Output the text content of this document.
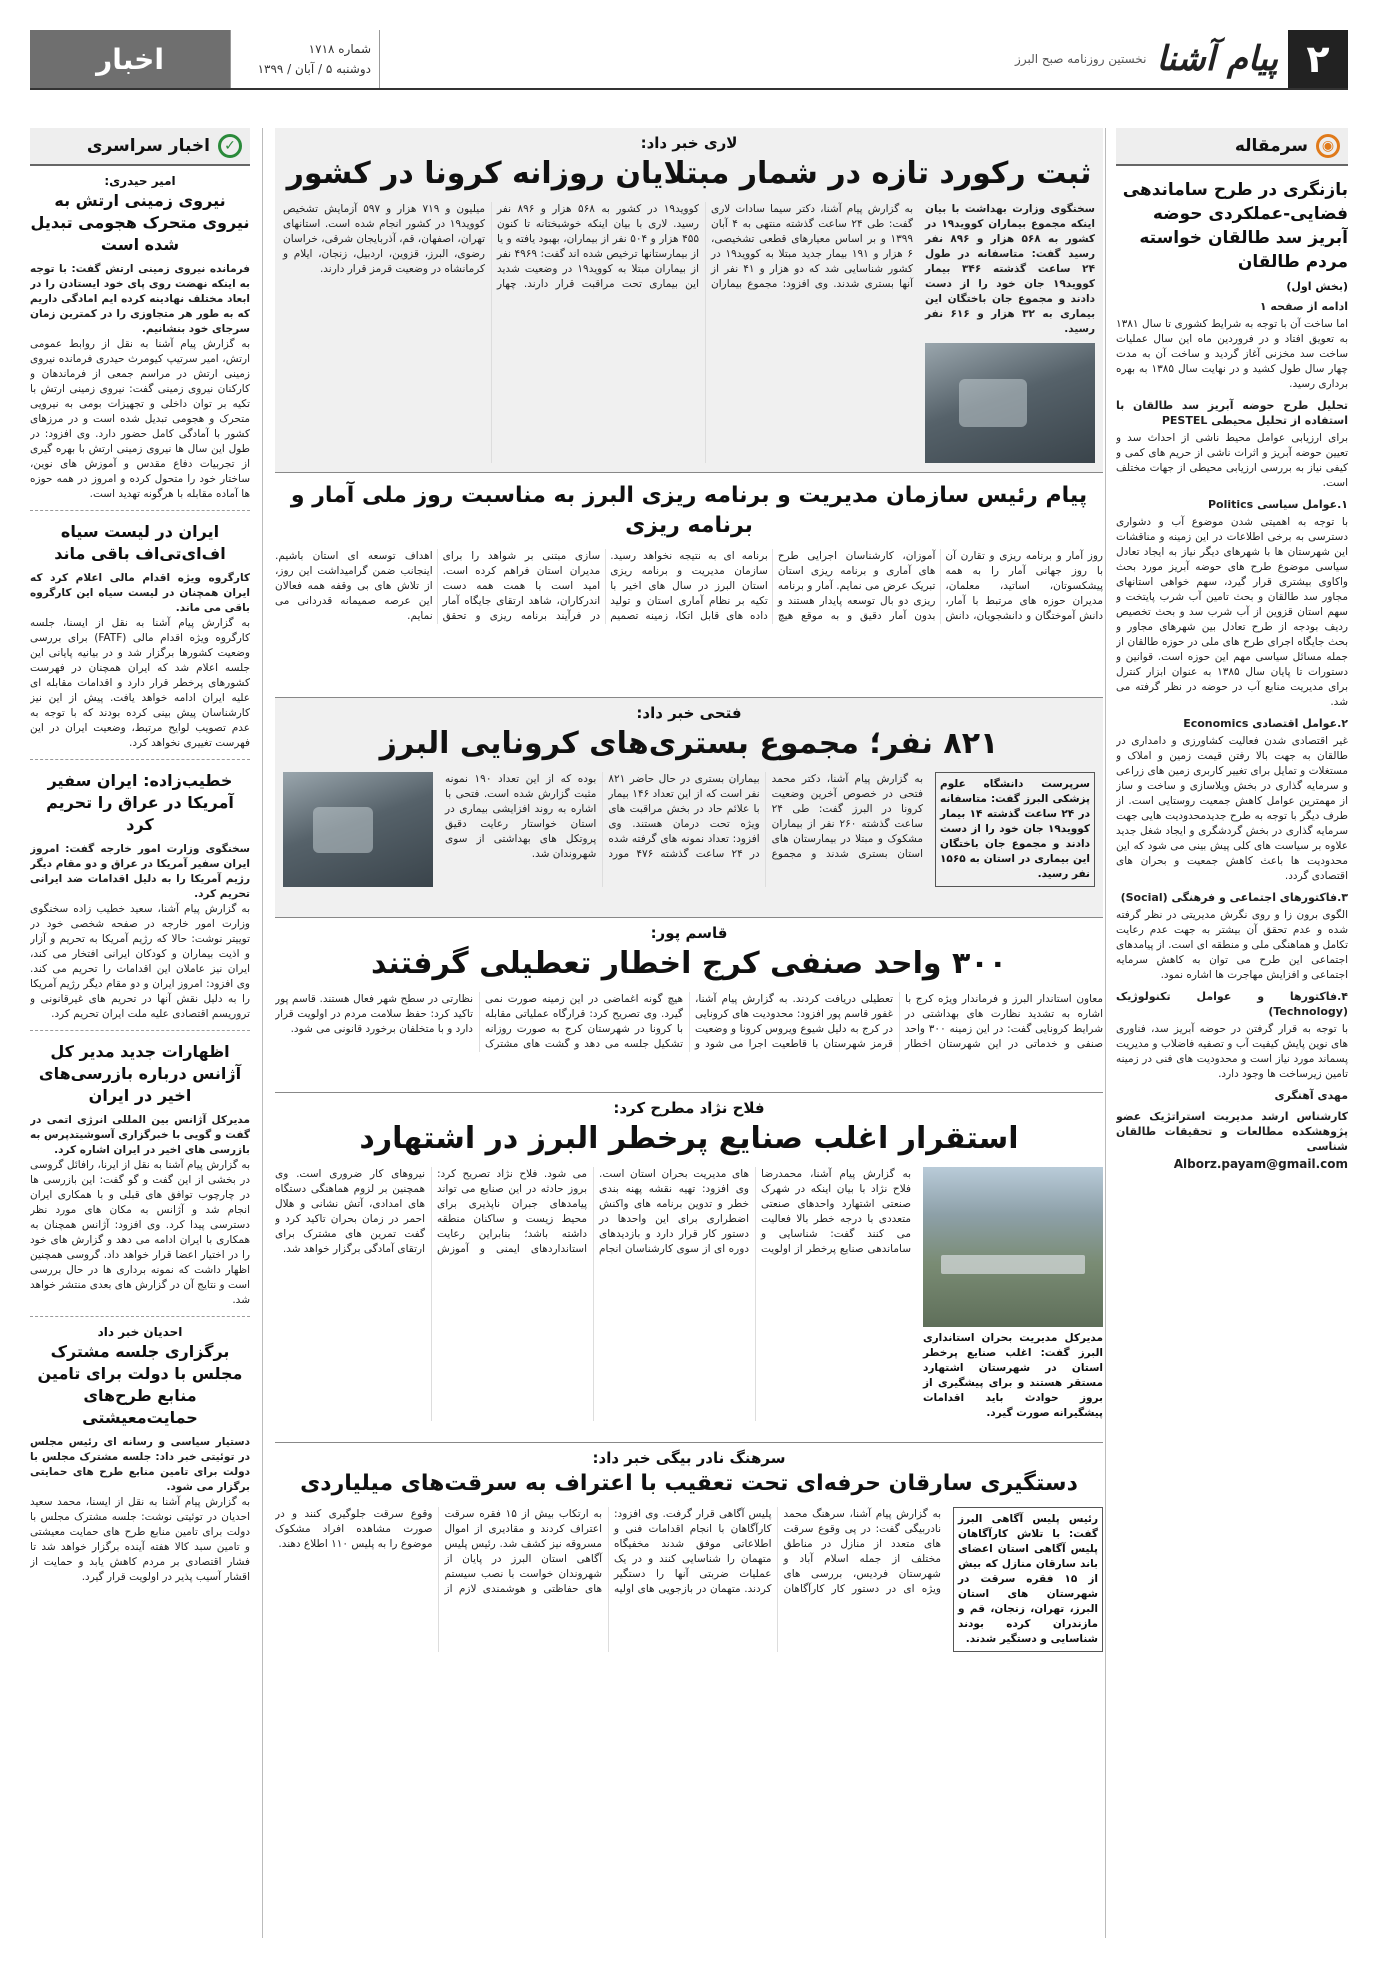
۲
پیام آشنا
نخستین روزنامه صبح البرز
شماره ۱۷۱۸
دوشنبه ۵ / آبان / ۱۳۹۹
اخبار
◉
سرمقاله
بازنگری در طرح ساماندهی فضایی-عملکردی حوضه آبریز سد طالقان خواسته مردم طالقان
(بخش اول)
ادامه از صفحه ۱

اما ساخت آن با توجه به شرایط کشوری تا سال ۱۳۸۱ به تعویق افتاد و در فروردین ماه این سال عملیات ساخت سد مخزنی آغاز گردید و ساخت آن به مدت چهار سال طول کشید و در نهایت سال ۱۳۸۵ به بهره برداری رسید.

تحلیل طرح حوضه آبریز سد طالقان با استفاده از تحلیل محیطی PESTEL

برای ارزیابی عوامل محیط ناشی از احداث سد و تعیین حوضه آبریز و اثرات ناشی از حریم های کمی و کیفی نیاز به بررسی ارزیابی محیطی از جهات مختلف است.

۱.عوامل سیاسی Politics

با توجه به اهمیتی شدن موضوع آب و دشواری دسترسی به برخی اطلاعات در این زمینه و مناقشات این شهرستان ها با شهرهای دیگر نیاز به ایجاد تعادل سیاسی موضوع طرح های حوضه آبریز مورد بحث واکاوی بیشتری قرار گیرد، سهم خواهی استانهای مجاور سد طالقان و بحث تامین آب شرب پایتخت و سهم استان قزوین از آب شرب سد و بحث تخصیص ردیف بودجه از طرح تعادل بین شهرهای مجاور و بحث جایگاه اجرای طرح های ملی در حوزه طالقان از جمله مسائل سیاسی مهم این حوزه است. قوانین و دستورات تا پایان سال ۱۳۸۵ به عنوان ابزار کنترل برای مدیریت منابع آب در حوضه در نظر گرفته می شد.

۲.عوامل اقتصادی Economics

غیر اقتصادی شدن فعالیت کشاورزی و دامداری در طالقان به جهت بالا رفتن قیمت زمین و املاک و مستغلات و تمایل برای تغییر کاربری زمین های زراعی و سرمایه گذاری در بخش ویلاسازی و ساخت و ساز از مهمترین عوامل کاهش جمعیت روستایی است. از طرف دیگر با توجه به طرح جدیدمحدودیت هایی جهت سرمایه گذاری در بخش گردشگری و ایجاد شغل جدید علاوه بر سیاست های کلی پیش بینی می شود که این محدودیت ها باعث کاهش جمعیت و بحران های اقتصادی گردد.

۳.فاکتورهای اجتماعی و فرهنگی (Social)

الگوی برون زا و روی نگرش مدیریتی در نظر گرفته شده و عدم تحقق آن بیشتر به جهت عدم رعایت تکامل و هماهنگی ملی و منطقه ای است. از پیامدهای اجتماعی این طرح می توان به کاهش سرمایه اجتماعی و افزایش مهاجرت ها اشاره نمود.

۴.فاکتورها و عوامل تکنولوژیک (Technology)

با توجه به قرار گرفتن در حوضه آبریز سد، فناوری های نوین پایش کیفیت آب و تصفیه فاضلاب و مدیریت پسماند مورد نیاز است و محدودیت های فنی در زمینه تامین زیرساخت ها وجود دارد.

مهدی آهنگری
کارشناس ارشد مدیریت استراتژیک عضو پژوهشکده مطالعات و تحقیقات طالقان شناسی
Alborz.payam@gmail.com
✓
اخبار سراسری
امیر حیدری:
نیروی زمینی ارتش به نیروی متحرک هجومی تبدیل شده است
فرمانده نیروی زمینی ارتش گفت: با توجه به اینکه نهضت روی پای خود ایستادن را در ابعاد مختلف نهادینه کرده ایم امادگی داریم که به طور هر متجاوزی را در کمترین زمان سرجای خود بنشانیم.
به گزارش پیام آشنا به نقل از روابط عمومی ارتش، امیر سرتیپ کیومرث حیدری فرمانده نیروی زمینی ارتش در مراسم جمعی از فرماندهان و کارکنان نیروی زمینی گفت: نیروی زمینی ارتش با تکیه بر توان داخلی و تجهیزات بومی به نیرویی متحرک و هجومی تبدیل شده است و در مرزهای کشور با آمادگی کامل حضور دارد. وی افزود: در طول این سال ها نیروی زمینی ارتش با بهره گیری از تجربیات دفاع مقدس و آموزش های نوین، ساختار خود را متحول کرده و امروز در همه حوزه ها آماده مقابله با هرگونه تهدید است.
ایران در لیست سیاه اف‌ای‌تی‌اف باقی ماند
کارگروه ویژه اقدام مالی اعلام کرد که ایران همچنان در لیست سیاه این کارگروه باقی می ماند.
به گزارش پیام آشنا به نقل از ایسنا، جلسه کارگروه ویژه اقدام مالی (FATF) برای بررسی وضعیت کشورها برگزار شد و در بیانیه پایانی این جلسه اعلام شد که ایران همچنان در فهرست کشورهای پرخطر قرار دارد و اقدامات مقابله ای علیه ایران ادامه خواهد یافت. پیش از این نیز کارشناسان پیش بینی کرده بودند که با توجه به عدم تصویب لوایح مرتبط، وضعیت ایران در این فهرست تغییری نخواهد کرد.
خطیب‌زاده: ایران سفیر آمریکا در عراق را تحریم کرد
سخنگوی وزارت امور خارجه گفت: امروز ایران سفیر آمریکا در عراق و دو مقام دیگر رژیم آمریکا را به دلیل اقدامات ضد ایرانی تحریم کرد.
به گزارش پیام آشنا، سعید خطیب زاده سخنگوی وزارت امور خارجه در صفحه شخصی خود در توییتر نوشت: حالا که رژیم آمریکا به تحریم و آزار و اذیت بیماران و کودکان ایرانی افتخار می کند، ایران نیز عاملان این اقدامات را تحریم می کند. وی افزود: امروز ایران و دو مقام دیگر رژیم آمریکا را به دلیل نقش آنها در تحریم های غیرقانونی و تروریسم اقتصادی علیه ملت ایران تحریم کرد.
اظهارات جدید مدیر کل آژانس درباره بازرسی‌های اخیر در ایران
مدیرکل آژانس بین المللی انرژی اتمی در گفت و گویی با خبرگزاری آسوشیتدپرس به بازرسی های اخیر در ایران اشاره کرد.
به گزارش پیام آشنا به نقل از ایرنا، رافائل گروسی در بخشی از این گفت و گو گفت: این بازرسی ها در چارچوب توافق های قبلی و با همکاری ایران انجام شد و آژانس به مکان های مورد نظر دسترسی پیدا کرد. وی افزود: آژانس همچنان به همکاری با ایران ادامه می دهد و گزارش های خود را در اختیار اعضا قرار خواهد داد. گروسی همچنین اظهار داشت که نمونه برداری ها در حال بررسی است و نتایج آن در گزارش های بعدی منتشر خواهد شد.
احدیان خبر داد
برگزاری جلسه مشترک مجلس با دولت برای تامین منابع طرح‌های حمایت‌معیشتی
دستیار سیاسی و رسانه ای رئیس مجلس در توئیتی خبر داد: جلسه مشترک مجلس با دولت برای تامین منابع طرح های حمایتی برگزار می شود.
به گزارش پیام آشنا به نقل از ایسنا، محمد سعید احدیان در توئیتی نوشت: جلسه مشترک مجلس با دولت برای تامین منابع طرح های حمایت معیشتی و تامین سبد کالا هفته آینده برگزار خواهد شد تا فشار اقتصادی بر مردم کاهش یابد و حمایت از اقشار آسیب پذیر در اولویت قرار گیرد.
لاری خبر داد:
ثبت رکورد تازه در شمار مبتلایان روزانه کرونا در کشور
سخنگوی وزارت بهداشت با بیان اینکه مجموع بیماران کووید۱۹ در کشور به ۵۶۸ هزار و ۸۹۶ نفر رسید گفت: متاسفانه در طول ۲۴ ساعت گذشته ۳۴۶ بیمار کووید۱۹ جان خود را از دست دادند و مجموع جان باختگان این بیماری به ۳۲ هزار و ۶۱۶ نفر رسید.
به گزارش پیام آشنا، دکتر سیما سادات لاری گفت: طی ۲۴ ساعت گذشته منتهی به ۴ آبان ۱۳۹۹ و بر اساس معیارهای قطعی تشخیصی، ۶ هزار و ۱۹۱ بیمار جدید مبتلا به کووید۱۹ در کشور شناسایی شد که دو هزار و ۴۱ نفر از آنها بستری شدند. وی افزود: مجموع بیماران کووید۱۹ در کشور به ۵۶۸ هزار و ۸۹۶ نفر رسید. لاری با بیان اینکه خوشبختانه تا کنون ۴۵۵ هزار و ۵۰۴ نفر از بیماران، بهبود یافته و یا از بیمارستانها ترخیص شده اند گفت: ۴۹۶۹ نفر از بیماران مبتلا به کووید۱۹ در وضعیت شدید این بیماری تحت مراقبت قرار دارند. چهار میلیون و ۷۱۹ هزار و ۵۹۷ آزمایش تشخیص کووید۱۹ در کشور انجام شده است. استانهای تهران، اصفهان، قم، آذربایجان شرقی، خراسان رضوی، البرز، قزوین، اردبیل، زنجان، ایلام و کرمانشاه در وضعیت قرمز قرار دارند.
پیام رئیس سازمان مدیریت و برنامه ریزی البرز به مناسبت روز ملی آمار و برنامه ریزی
روز آمار و برنامه ریزی و تقارن آن با روز جهانی آمار را به همه پیشکسوتان، اساتید، معلمان، مدیران حوزه های مرتبط با آمار، دانش آموختگان و دانشجویان، دانش آموزان، کارشناسان اجرایی طرح های آماری و برنامه ریزی استان تبریک عرض می نمایم. آمار و برنامه ریزی دو بال توسعه پایدار هستند و بدون آمار دقیق و به موقع هیچ برنامه ای به نتیجه نخواهد رسید. سازمان مدیریت و برنامه ریزی استان البرز در سال های اخیر با تکیه بر نظام آماری استان و تولید داده های قابل اتکا، زمینه تصمیم سازی مبتنی بر شواهد را برای مدیران استان فراهم کرده است. امید است با همت همه دست اندرکاران، شاهد ارتقای جایگاه آمار در فرآیند برنامه ریزی و تحقق اهداف توسعه ای استان باشیم. اینجانب ضمن گرامیداشت این روز، از تلاش های بی وقفه همه فعالان این عرصه صمیمانه قدردانی می نمایم.
فتحی خبر داد:
۸۲۱ نفر؛ مجموع بستری‌های کرونایی البرز
سرپرست دانشگاه علوم پزشکی البرز گفت: متاسفانه در ۲۴ ساعت گذشته ۱۴ بیمار کووید۱۹ جان خود را از دست دادند و مجموع جان باختگان این بیماری در استان به ۱۵۶۵ نفر رسید.
به گزارش پیام آشنا، دکتر محمد فتحی در خصوص آخرین وضعیت کرونا در البرز گفت: طی ۲۴ ساعت گذشته ۲۶۰ نفر از بیماران مشکوک و مبتلا در بیمارستان های استان بستری شدند و مجموع بیماران بستری در حال حاضر ۸۲۱ نفر است که از این تعداد ۱۴۶ بیمار با علائم حاد در بخش مراقبت های ویژه تحت درمان هستند. وی افزود: تعداد نمونه های گرفته شده در ۲۴ ساعت گذشته ۴۷۶ مورد بوده که از این تعداد ۱۹۰ نمونه مثبت گزارش شده است. فتحی با اشاره به روند افزایشی بیماری در استان خواستار رعایت دقیق پروتکل های بهداشتی از سوی شهروندان شد.
قاسم پور:
۳۰۰ واحد صنفی کرج اخطار تعطیلی گرفتند
معاون استاندار البرز و فرماندار ویژه کرج با اشاره به تشدید نظارت های بهداشتی در شرایط کرونایی گفت: در این زمینه ۳۰۰ واحد صنفی و خدماتی در این شهرستان اخطار تعطیلی دریافت کردند. به گزارش پیام آشنا، غفور قاسم پور افزود: محدودیت های کرونایی در کرج به دلیل شیوع ویروس کرونا و وضعیت قرمز شهرستان با قاطعیت اجرا می شود و هیچ گونه اغماضی در این زمینه صورت نمی گیرد. وی تصریح کرد: قرارگاه عملیاتی مقابله با کرونا در شهرستان کرج به صورت روزانه تشکیل جلسه می دهد و گشت های مشترک نظارتی در سطح شهر فعال هستند. قاسم پور تاکید کرد: حفظ سلامت مردم در اولویت قرار دارد و با متخلفان برخورد قانونی می شود.
فلاح نژاد مطرح کرد:
استقرار اغلب صنایع پرخطر البرز در اشتهارد
مدیرکل مدیریت بحران استانداری البرز گفت: اغلب صنایع پرخطر استان در شهرستان اشتهارد مستقر هستند و برای پیشگیری از بروز حوادث باید اقدامات پیشگیرانه صورت گیرد.
به گزارش پیام آشنا، محمدرضا فلاح نژاد با بیان اینکه در شهرک صنعتی اشتهارد واحدهای صنعتی متعددی با درجه خطر بالا فعالیت می کنند گفت: شناسایی و ساماندهی صنایع پرخطر از اولویت های مدیریت بحران استان است. وی افزود: تهیه نقشه پهنه بندی خطر و تدوین برنامه های واکنش اضطراری برای این واحدها در دستور کار قرار دارد و بازدیدهای دوره ای از سوی کارشناسان انجام می شود. فلاح نژاد تصریح کرد: بروز حادثه در این صنایع می تواند پیامدهای جبران ناپذیری برای محیط زیست و ساکنان منطقه داشته باشد؛ بنابراین رعایت استانداردهای ایمنی و آموزش نیروهای کار ضروری است. وی همچنین بر لزوم هماهنگی دستگاه های امدادی، آتش نشانی و هلال احمر در زمان بحران تاکید کرد و گفت تمرین های مشترک برای ارتقای آمادگی برگزار خواهد شد.
سرهنگ نادر بیگی خبر داد:
دستگیری سارقان حرفه‌ای تحت تعقیب با اعتراف به سرقت‌های میلیاردی
رئیس پلیس آگاهی البرز گفت: با تلاش کارآگاهان پلیس آگاهی استان اعضای باند سارقان منازل که بیش از ۱۵ فقره سرقت در شهرستان های استان البرز، تهران، زنجان، قم و مازندران کرده بودند شناسایی و دستگیر شدند.
به گزارش پیام آشنا، سرهنگ محمد نادربیگی گفت: در پی وقوع سرقت های متعدد از منازل در مناطق مختلف از جمله اسلام آباد و شهرستان فردیس، بررسی های ویژه ای در دستور کار کارآگاهان پلیس آگاهی قرار گرفت. وی افزود: کارآگاهان با انجام اقدامات فنی و اطلاعاتی موفق شدند مخفیگاه متهمان را شناسایی کنند و در یک عملیات ضربتی آنها را دستگیر کردند. متهمان در بازجویی های اولیه به ارتکاب بیش از ۱۵ فقره سرقت اعتراف کردند و مقادیری از اموال مسروقه نیز کشف شد. رئیس پلیس آگاهی استان البرز در پایان از شهروندان خواست با نصب سیستم های حفاظتی و هوشمندی لازم از وقوع سرقت جلوگیری کنند و در صورت مشاهده افراد مشکوک موضوع را به پلیس ۱۱۰ اطلاع دهند.
